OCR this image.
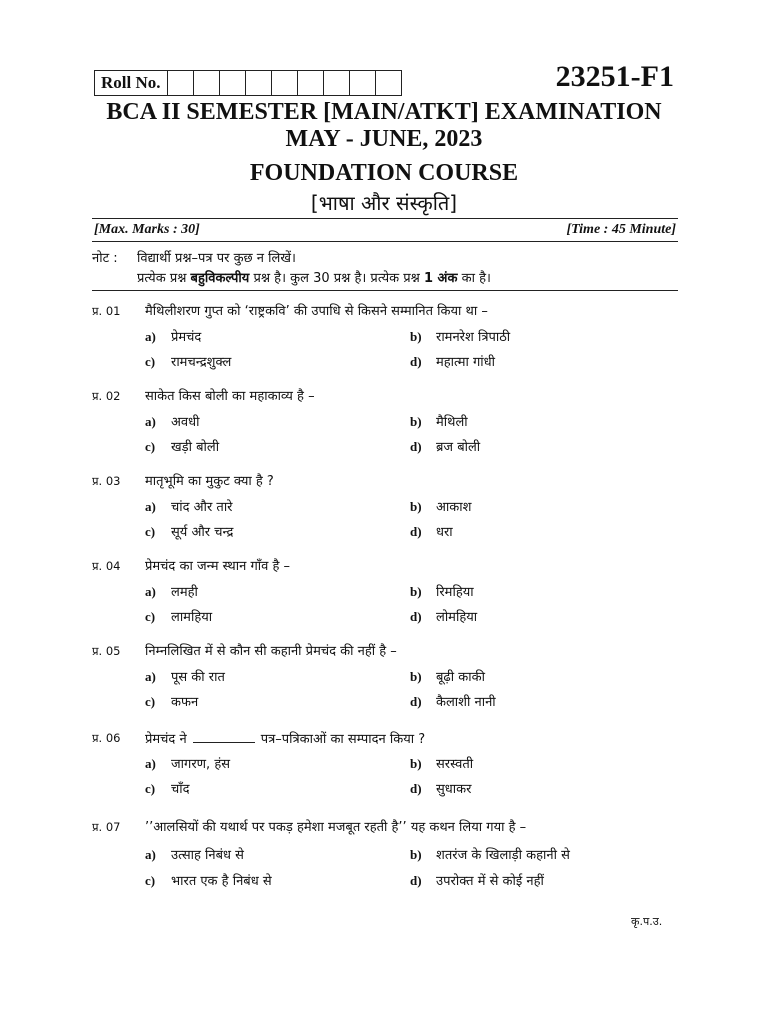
Roll No.	23251-F1
BCA II SEMESTER [MAIN/ATKT] EXAMINATION
MAY - JUNE, 2023
FOUNDATION COURSE
[भाषा और संस्कृति]
[Max. Marks : 30]	[Time : 45 Minute]
नोट : विद्यार्थी प्रश्न–पत्र पर कुछ न लिखें।
प्रत्येक प्रश्न बहुविकल्पीय प्रश्न है। कुल 30 प्रश्न है। प्रत्येक प्रश्न 1 अंक का है।
प्र. 01 मैथिलीशरण गुप्त को ‘राष्ट्रकवि’ की उपाधि से किसने सम्मानित किया था –
a) प्रेमचंद	b) रामनरेश त्रिपाठी
c) रामचन्द्रशुक्ल	d) महात्मा गांधी
प्र. 02 साकेत किस बोली का महाकाव्य है –
a) अवधी	b) मैथिली
c) खड़ी बोली	d) ब्रज बोली
प्र. 03 मातृभूमि का मुकुट क्या है ?
a) चांद और तारे	b) आकाश
c) सूर्य और चन्द्र	d) धरा
प्र. 04 प्रेमचंद का जन्म स्थान गाँव है –
a) लमही	b) रिमहिया
c) लामहिया	d) लोमहिया
प्र. 05 निम्नलिखित में से कौन सी कहानी प्रेमचंद की नहीं है –
a) पूस की रात	b) बूढ़ी काकी
c) कफन	d) कैलाशी नानी
प्र. 06 प्रेमचंद ने	पत्र–पत्रिकाओं का सम्पादन किया ?
a) जागरण, हंस	b) सरस्वती
c) चाँद	d) सुधाकर
प्र. 07 ’’आलसियों की यथार्थ पर पकड़ हमेशा मजबूत रहती है’’ यह कथन लिया गया है –
a) उत्साह निबंध से	b) शतरंज के खिलाड़ी कहानी से
c) भारत एक है निबंध से	d) उपरोक्त में से कोई नहीं
कृ.प.उ.
